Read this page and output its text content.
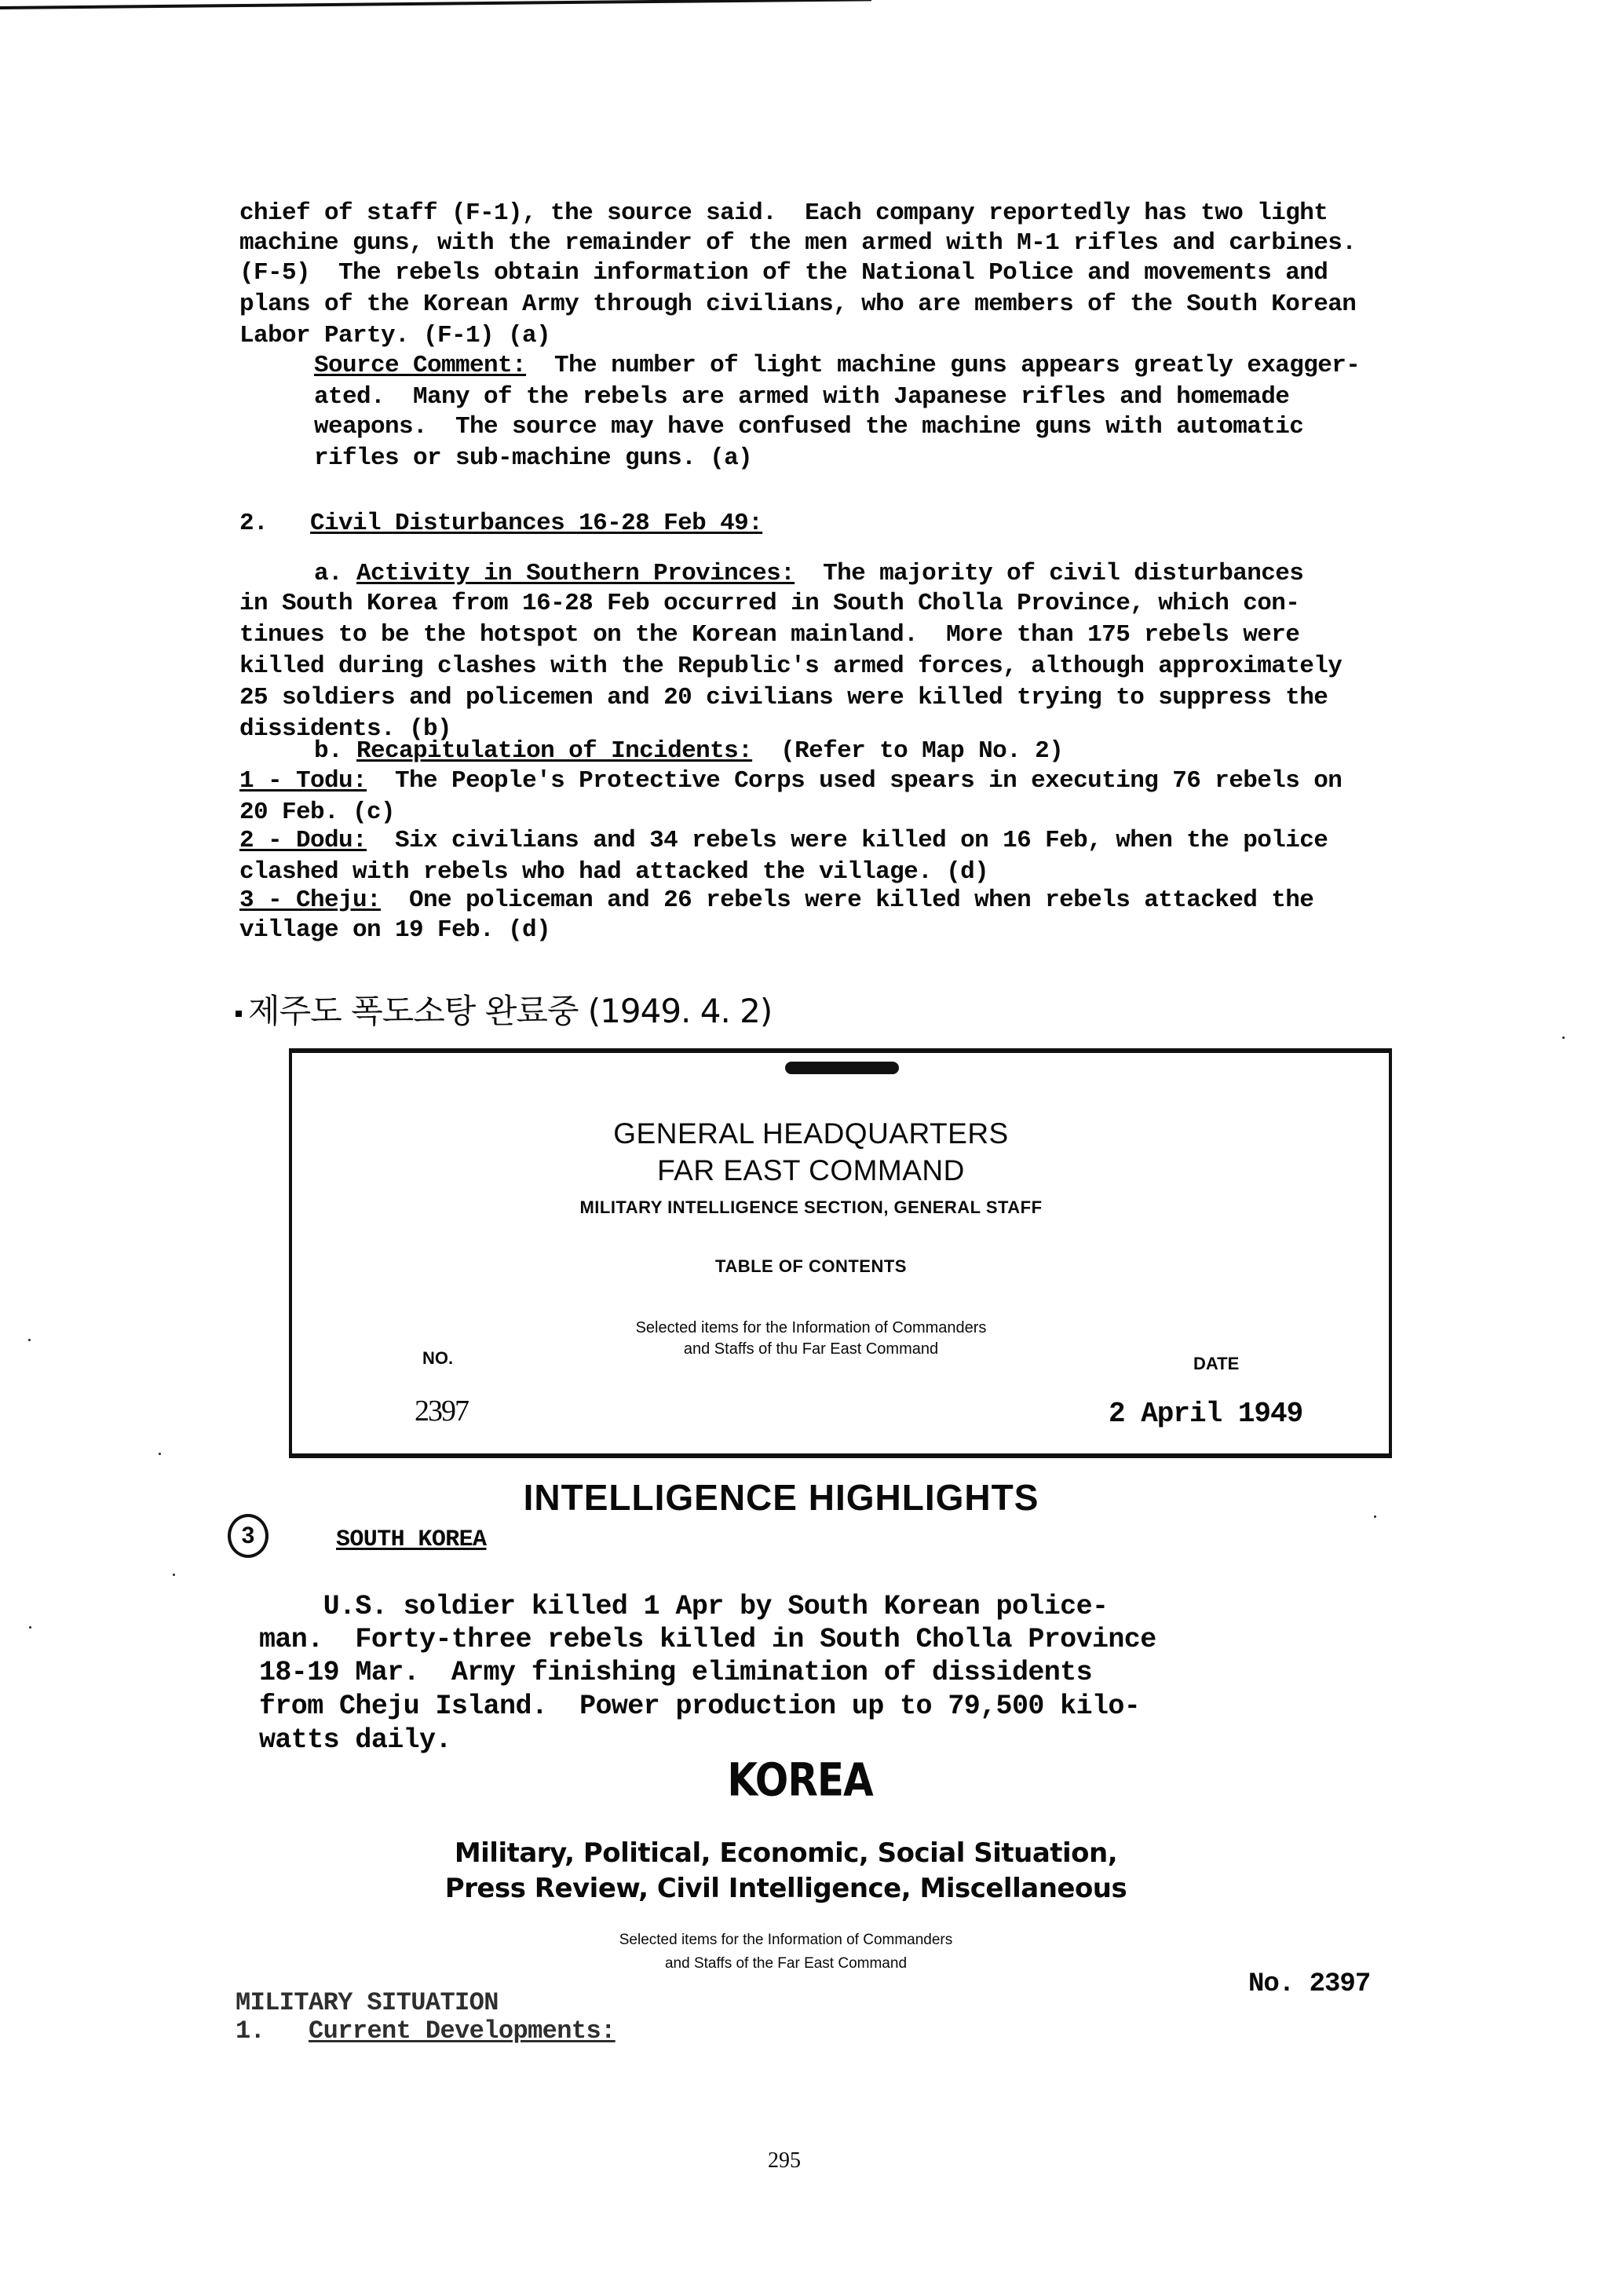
chief of staff (F-1), the source said.  Each company reportedly has two light
machine guns, with the remainder of the men armed with M-1 rifles and carbines.
(F-5)  The rebels obtain information of the National Police and movements and
plans of the Korean Army through civilians, who are members of the South Korean
Labor Party. (F-1) (a)
Source Comment:  The number of light machine guns appears greatly exagger-
ated.  Many of the rebels are armed with Japanese rifles and homemade
weapons.  The source may have confused the machine guns with automatic
rifles or sub-machine guns. (a)
2. Civil Disturbances 16-28 Feb 49:
a. Activity in Southern Provinces:  The majority of civil disturbances
in South Korea from 16-28 Feb occurred in South Cholla Province, which con-
tinues to be the hotspot on the Korean mainland.  More than 175 rebels were
killed during clashes with the Republic's armed forces, although approximately
25 soldiers and policemen and 20 civilians were killed trying to suppress the
dissidents. (b)
b. Recapitulation of Incidents:  (Refer to Map No. 2)
1 - Todu:  The People's Protective Corps used spears in executing 76 rebels on
20 Feb. (c)
2 - Dodu:  Six civilians and 34 rebels were killed on 16 Feb, when the police
clashed with rebels who had attacked the village. (d)
3 - Cheju:  One policeman and 26 rebels were killed when rebels attacked the
village on 19 Feb. (d)
제주도 폭도소탕 완료중 (1949. 4. 2)
GENERAL HEADQUARTERS
FAR EAST COMMAND
MILITARY INTELLIGENCE SECTION, GENERAL STAFF
TABLE OF CONTENTS
Selected items for the Information of Commanders
and Staffs of thu Far East Command
NO.	DATE
2397	2 April 1949
INTELLIGENCE HIGHLIGHTS
3	SOUTH KOREA
U.S. soldier killed 1 Apr by South Korean police-
man.  Forty-three rebels killed in South Cholla Province
18-19 Mar.  Army finishing elimination of dissidents
from Cheju Island.  Power production up to 79,500 kilo-
watts daily.
KOREA
Military, Political, Economic, Social Situation,
Press Review, Civil Intelligence, Miscellaneous
Selected items for the Information of Commanders
and Staffs of the Far East Command
No. 2397
MILITARY SITUATION
1. Current Developments:
295
